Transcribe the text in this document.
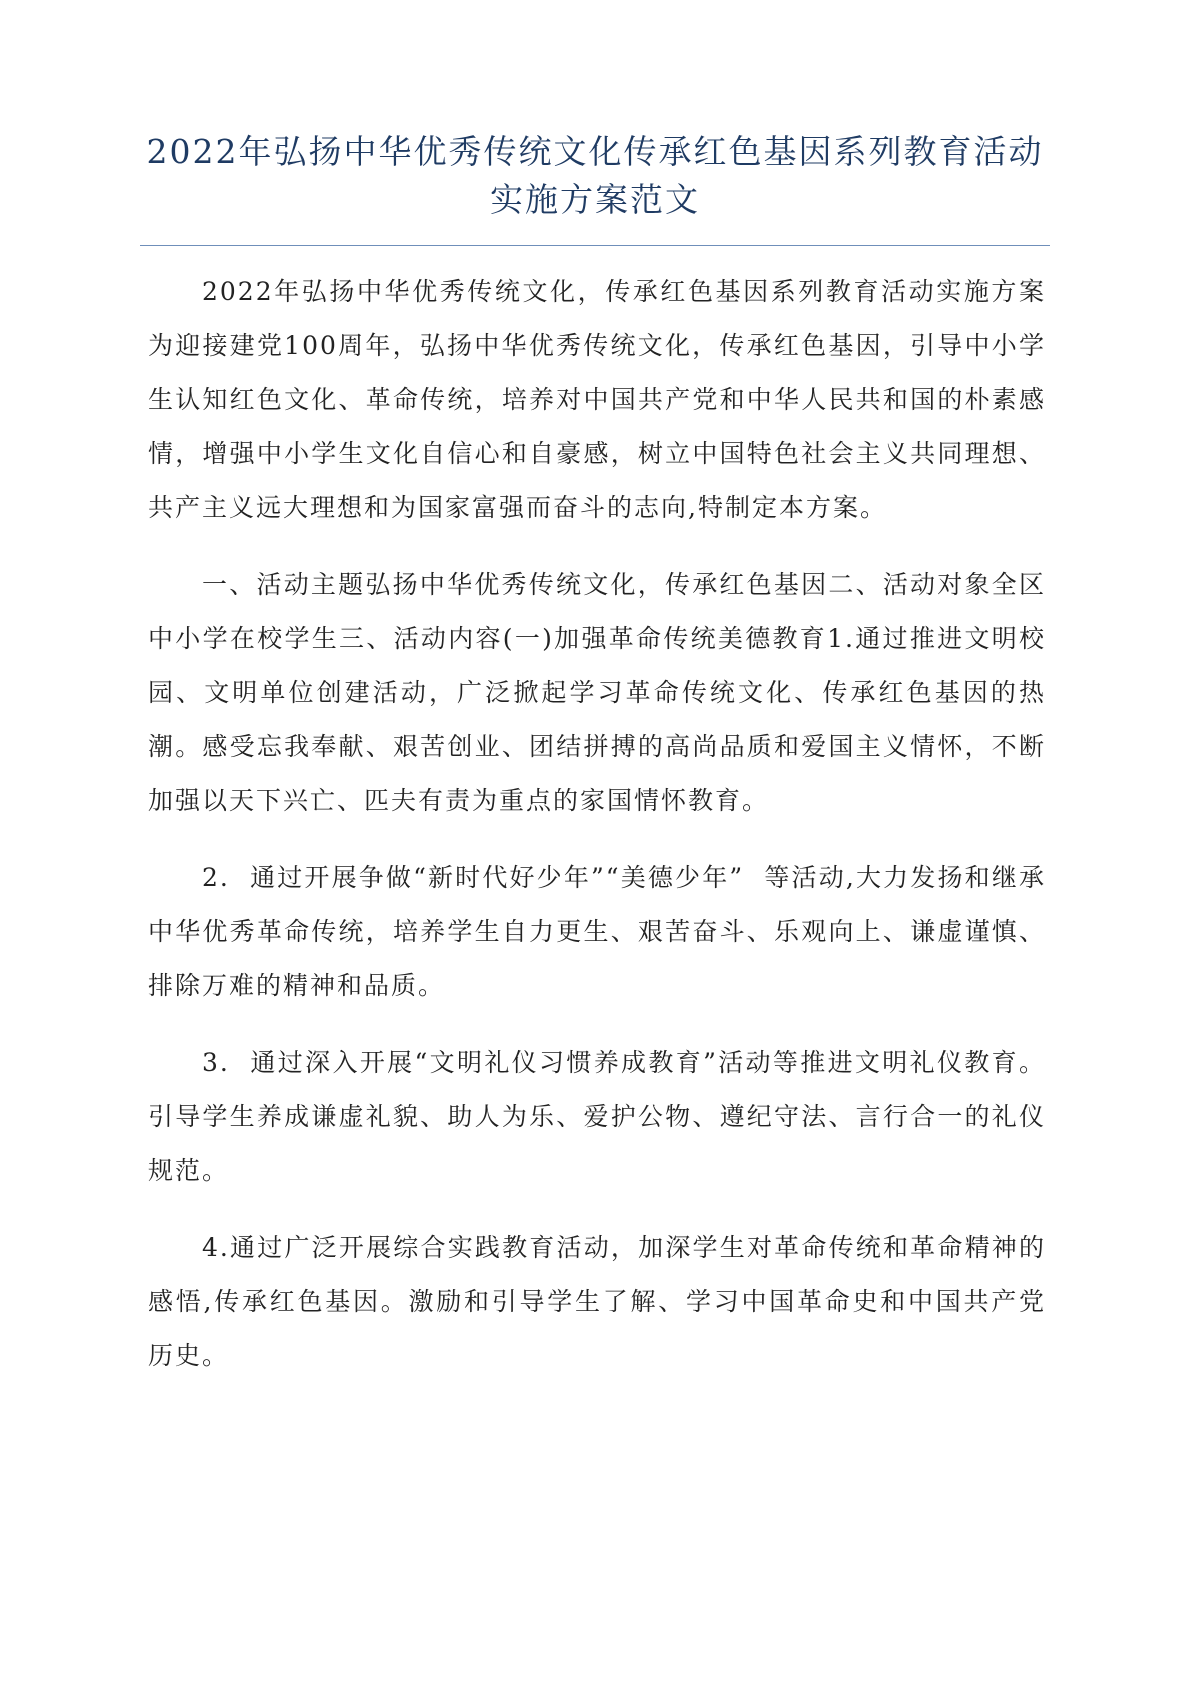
2022年弘扬中华优秀传统文化传承红色基因系列教育活动实施方案范文

2022年弘扬中华优秀传统文化，传承红色基因系列教育活动实施方案为迎接建党100周年，弘扬中华优秀传统文化，传承红色基因，引导中小学生认知红色文化、革命传统，培养对中国共产党和中华人民共和国的朴素感情，增强中小学生文化自信心和自豪感，树立中国特色社会主义共同理想、共产主义远大理想和为国家富强而奋斗的志向,特制定本方案。

一、活动主题弘扬中华优秀传统文化，传承红色基因二、活动对象全区中小学在校学生三、活动内容(一)加强革命传统美德教育1.通过推进文明校园、文明单位创建活动，广泛掀起学习革命传统文化、传承红色基因的热潮。感受忘我奉献、艰苦创业、团结拼搏的高尚品质和爱国主义情怀，不断加强以天下兴亡、匹夫有责为重点的家国情怀教育。

2.  通过开展争做“新时代好少年”“美德少年”  等活动,大力发扬和继承中华优秀革命传统，培养学生自力更生、艰苦奋斗、乐观向上、谦虚谨慎、排除万难的精神和品质。

3.  通过深入开展“文明礼仪习惯养成教育”活动等推进文明礼仪教育。引导学生养成谦虚礼貌、助人为乐、爱护公物、遵纪守法、言行合一的礼仪规范。

4.通过广泛开展综合实践教育活动，加深学生对革命传统和革命精神的感悟,传承红色基因。激励和引导学生了解、学习中国革命史和中国共产党历史。
